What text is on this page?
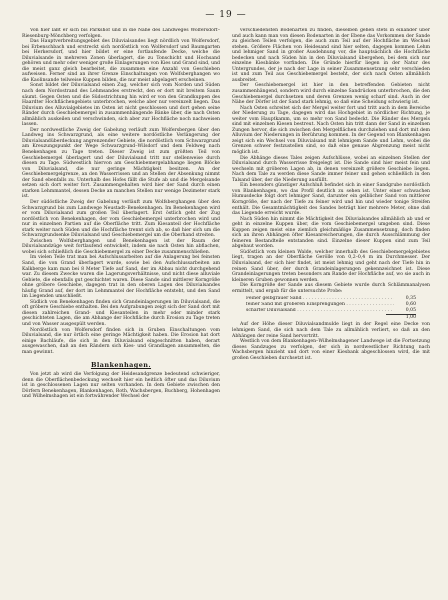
— 19 —

Von hier läßt er sich bis Parkshof und in die Nähe des Landweges Wolfersdorf–Riesenburg-Mönchberg verfolgen.

Das Hauptverbreitungsgebiet des Diluvialsandes liegt nördlich von Wolfersdorf, bei Erbenschbach und erstreckt sich nordöstlich von Wolfersdorf und Baumgarten bei Herkersdorf, und hier bildet er eine fortlaufende Decke, welche die Diluvialsande in mehreren Zonen überlagert, die zu Tonschicht und Hochsand gehören und mehr oder weniger große Einlagerungen von Kies und Grand sind, und die meist ganz gleich bearbeitet, die zusammen eine Anzahl von Geschieben aufweisen. Ferner sind an ihrer Grenze Einschaltungen von Wolfsberghangen wo die Kaolinsande teilweise Kuppen bilden, die nur meist abgelagert erscheinen.

Sonst bildet der Diluvialsand einen Zug, welcher sich vom Norden und Süden nach dem Nordostrand des Lehmsandes erstreckt, den er dort mit breitem Saum säumt. Gegen Osten und die Südostrichtung hin wird er von den Grandkuppen des Haardter Hochflächengebiets unterbrochen, welche aber nur vereinzelt liegen. Das Diluvium des Alluvialgebietes im Osten ist nicht geschlossen und dort gehen seine Ränder durch Geschiebemergel in zusammenhängende Bänke über, die nach Osten allmählich auskeilen und verschwinden, sich aber zur Hochfläche noch nachweisen lassen.

Der nordwestliche Zweig der Gabelung verläuft zum Wolfersbergen über den Landweg ins Schwarzgrund, als eine weitere nordöstliche Verlängerung der Diluvialsandüberdeckung angrenzender Gebiete, die nordöstlich vom Schwarzgrund am Kreuzungspunkt der Wege Schwarzgrund–Wilsdorf und dem Feldweg nach Benekenhagen zu Tage treten. Dieser Zweig ist zum größten Teil von Geschiebemergel überlagert und der Diluvialsand tritt nur stellenweise durch diesen zu Tage. Südwestlich hiervon am Geschiebemergelabhange liegen Blöcke von Diluvialsand, die nur geringe Mächtigkeit besitzen. An der Geschiebemergelgrenze, an den Wasserrissen und an Stellen der Absenkung nimmt der Sand ebenfalls zu. Unterhalb des Hofes fällt die Stufe ab und die Mergelsande setzen sich dort weiter fort. Zusammengehalten wird hier der Sand durch einen starken Lehmmantel, dessen Decke an manchen Stellen nur wenige Dezimeter stark ist.

Der südöstliche Zweig der Gabelung verläuft zum Wolfsberghangen über den Schwarzgrund bis zum Landwege Neustadt–Benekenhagen. Im Benekenhagen wird er vom Diluvialsand zum großen Teil überlagert. Erst östlich geht der Zug nordöstlich von Benekenhagen, der vom Geschiebemergel unterbrochen wird und nur in einzelnen Partien auf die Oberfläche tritt. Zum Kiesanteil der Hochfläche stark weiter nach Süden und die Hochfläche trennt sich ab, so daß hier sich um die Schwarzgrundsenke Diluvialsand und Geschiebemergel um die Oberhand streiten.

Zwischen Wolfsberghangen und Benekenhagen ist der Raum der Diluvialsandzüge weit fortlaufend entwickelt, indem sie nach Osten hin abflachen, wobei sich schließlich die Geschiebemergel zu einer Decke zusammenschließen.

Im vielen Teile trat man bei Aufschlussarbeiten auf die Anlagerung bei feinsten Sand, die von Grand überlagert wurde, sowie bei den Aufschlussarbeiten am Kalkberge kam man bei 8 Meter Tiefe auf Sand, der im Abbau nicht durchgehend war. Zu diesem Zwecke waren die Lagerungsverhältnisse, und nicht diese alluviale Gebiete, die ebenfalls gut geschichtet waren. Diese Sande sind mittlerer Korngröße ohne gröbere Geschiebe, dagegen trat in den oberen Lagen des Diluvialsandes häufig Grand auf, der dort im Lehmmantel der Hochfläche entsteht, und den Sand im Liegenden umschließt.

Südlich von Benekenhagen finden sich Grandeinlagerungen im Diluvialsand, die oft gröbere Geschiebe enthalten. Bei den Aufgrabungen zeigt sich der Sand dort mit diesen zahlreichen Grand- und Kiesanteilen in mehr oder minder stark geschichteten Lagen, die am Abhange der Hochfläche durch Erosion zu Tage treten und von Wasser ausgespült werden.

Nordöstlich von Wolfersdorf finden sich in Gruben Einschaltungen vom Diluvialsand, die nur örtlich eine geringe Mächtigkeit haben. Die Erosion hat dort einige Bachläufe, die sich in den Diluvialsand eingeschnitten haben, derart ausgewaschen, daß an den Rändern sich Kies- und Grandlagen ansammelten, die man gewinnt.

Blankenhagen.

Von jetzt ab wird die Verfolgung der Heidesandgrenze bedeutend schwieriger, denn die Oberflächenbedeckung wechselt hier ein heitlich öfter und das Diluvium ist in geschlossenen Lagen nur selten vorhanden. In dem Gebiete zwischen den Dörfern Benekenhagen, Blankenhagen, Roth, Wachsbergen, Buchberg, Hohenhagen und Wilhelmshagen ist ein fortwährender Wechsel der

verschiedensten Bodenarten zu finden, dieselben gehen stets in einander über und auch kann man von diesen Bodenarten in der Ebene das Vorkommen der Sande zu gleichen Teilen verfolgen, die auch zum Teil auf der Hochfläche im Wechsel stehen. Größere Flächen von Heidesand sind hier selten, dagegen kommen Lehm und lehmiger Sand in großer Ausdehnung vor, die hauptsächlich die Hochfläche bedecken und nach Süden hin in den Diluvialsand übergehen, bei dem sich nur einzelne Kiesbänke vorfinden. Die Gründe hierfür liegen in der Natur des Untergrundes, der je nach der Lage in seiner Zusammensetzung sehr verschieden ist und zum Teil aus Geschiebemergel besteht, der sich nach Osten allmählich ausbreitet.

Der Geschiebemergel ist hier in den betreffenden Gebieten nicht zusammenhängend, sondern wird durch einzelne Sandrücken unterbrochen, die den Geschiebemergel durchsetzen und deren Grenzen wenig scharf sind. Auch in der Nähe der Dörfer ist der Sand stark lehmig, so daß eine Scheidung schwierig ist.

Nach Osten schreitet sich der Mergel weiter fort und tritt auch in dem Bereiche der Niederung zu Tage, dagegen wird das Hochgebiet in nördlicher Richtung, je weiter vom Hauptkamm, um so mehr von Sand bedeckt. Die Ränder des Mergels sind mit einzelnen Kiesen bestreut. Nach Osten hin tritt dann der Sand in einzelnen Zungen hervor, die sich zwischen den Mergelflächen durchziehen und dort mit dem Alluvium der Niederungen in Berührung kommen. In der Gegend von Blankenhagen zeigt sich ein Wechsel von Diluvialsand mit lehmigem Sande und Lehm, wobei die Grenzen schwer festzustellen sind, so daß eine genaue Abgrenzung meist nicht möglich ist.

Die Abhänge dieses Tales zeigen Aufschlüsse, wobei an einzelnen Stellen der Diluvialsand durch Wasserrisse freigelegt ist. Die Sande sind hier meist fein und wechseln mit gröberen Lagen ab, in denen vereinzelt größere Geschiebe liegen. Nach dem Tale zu werden diese Sande immer feiner und gehen schließlich in den Talsand über, der die Niederung ausfüllt.

Ein besonders günstiger Aufschluß befindet sich in einer Sandgrube nordöstlich von Blankenhagen, wo das Profil deutlich zu sehen ist. Unter einer schwachen Humusdecke folgt dort lehmiger Sand, darunter ein gelblicher Sand von mittlerer Korngröße, der nach der Tiefe zu feiner wird und hin und wieder tonige Streifen enthält. Die Gesamtmächtigkeit des Sandes beträgt hier mehrere Meter, ohne daß das Liegende erreicht wurde.

Nach Süden hin nimmt die Mächtigkeit des Diluvialsandes allmählich ab und er geht in einzelne Kuppen über, die vom Geschiebemergel umgeben sind. Diese Kuppen zeigen meist eine ziemlich gleichmäßige Zusammensetzung, doch finden sich an ihren Abhängen öfter Kiesanreicherungen, die durch Ausschlämmung der feineren Bestandteile entstanden sind. Einzelne dieser Kuppen sind zum Teil abgebaut worden.

Südöstlich vom kleinen Walde, welcher innerhalb des Geschiebemergelgebietes liegt, tragen an der Oberfläche Gerölle von 0,2–0,4 m im Durchmesser. Der Diluvialsand, der sich hier findet, ist meist lehmig und geht nach der Tiefe hin in reinen Sand über, der durch Grandeinlagerungen gekennzeichnet ist. Diese Grandeinlagerungen treten besonders am Rande der Hochfläche auf, wo sie auch in kleineren Gruben gewonnen werden.

Die Korngröße der Sande aus diesem Gebiete wurde durch Schlämmanalysen ermittelt, und ergab für die untersuchte Probe:

Feiner gelbgrauer Sand . . .	0,35
feiner Sand mit gröberen Einsprengungen . . .	0,60
scharfer Diluvialsand . . .	0,05
1,00

Auf der Höhe dieser Diluvialsandmulde liegt in der Regel eine Decke von lehmigem Sand, die sich nach dem Tale zu allmählich verliert, so daß an den Abhängen der reine Sand hervortritt.

Westlich von dem Blankenhagen–Wilhelmshagener Landwege ist die Fortsetzung dieses Sandzuges zu verfolgen, der sich in nordwestlicher Richtung nach Wachsbergen hinzieht und dort von einer Kiesbank abgeschlossen wird, die mit großen Geschieben durchsetzt ist.
